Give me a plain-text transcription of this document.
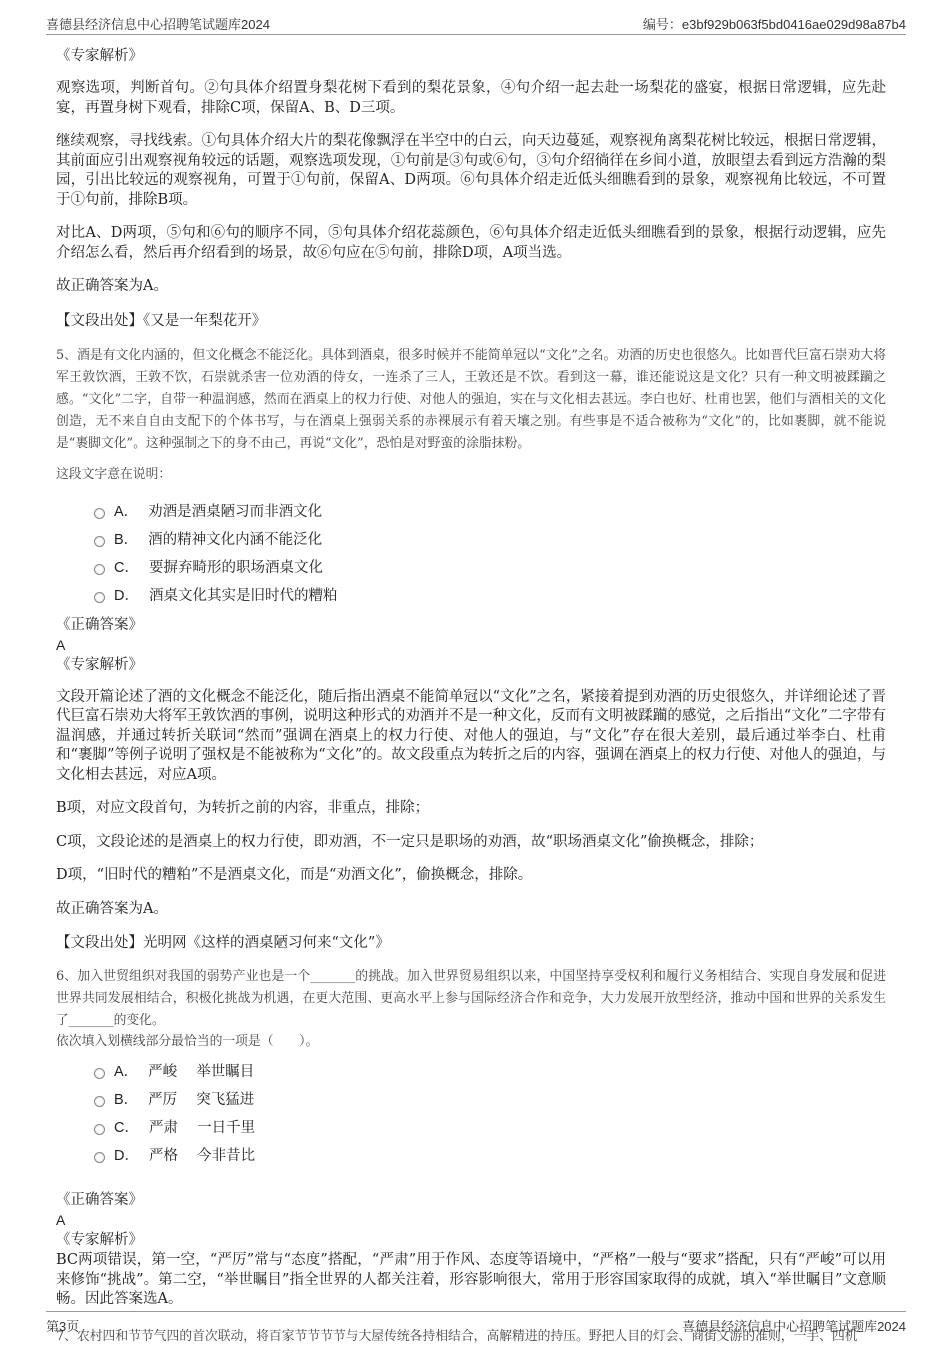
喜德县经济信息中心招聘笔试题库2024	编号：e3bf929b063f5bd0416ae029d98a87b4

《专家解析》

观察选项，判断首句。②句具体介绍置身梨花树下看到的梨花景象，④句介绍一起去赴一场梨花的盛宴，根据日常逻辑，应先赴宴，再置身树下观看，排除C项，保留A、B、D三项。

继续观察，寻找线索。①句具体介绍大片的梨花像飘浮在半空中的白云，向天边蔓延，观察视角离梨花树比较远，根据日常逻辑，其前面应引出观察视角较远的话题，观察选项发现，①句前是③句或⑥句，③句介绍徜徉在乡间小道，放眼望去看到远方浩瀚的梨园，引出比较远的观察视角，可置于①句前，保留A、D两项。⑥句具体介绍走近低头细瞧看到的景象，观察视角比较远，不可置于①句前，排除B项。

对比A、D两项，⑤句和⑥句的顺序不同，⑤句具体介绍花蕊颜色，⑥句具体介绍走近低头细瞧看到的景象，根据行动逻辑，应先介绍怎么看，然后再介绍看到的场景，故⑥句应在⑤句前，排除D项，A项当选。

故正确答案为A。

【文段出处】《又是一年梨花开》

5、酒是有文化内涵的，但文化概念不能泛化。具体到酒桌，很多时候并不能简单冠以“文化”之名。劝酒的历史也很悠久。比如晋代巨富石崇劝大将军王敦饮酒，王敦不饮，石崇就杀害一位劝酒的侍女，一连杀了三人，王敦还是不饮。看到这一幕，谁还能说这是文化？只有一种文明被蹂躏之感。“文化”二字，自带一种温润感，然而在酒桌上的权力行使、对他人的强迫，实在与文化相去甚远。李白也好、杜甫也罢，他们与酒相关的文化创造，无不来自自由支配下的个体书写，与在酒桌上强弱关系的赤裸展示有着天壤之别。有些事是不适合被称为“文化”的，比如裹脚，就不能说是“裹脚文化”。这种强制之下的身不由己，再说“文化”，恐怕是对野蛮的涂脂抹粉。

这段文字意在说明：

A． 劝酒是酒桌陋习而非酒文化
B． 酒的精神文化内涵不能泛化
C． 要摒弃畸形的职场酒桌文化
D． 酒桌文化其实是旧时代的糟粕

《正确答案》

A

《专家解析》

文段开篇论述了酒的文化概念不能泛化，随后指出酒桌不能简单冠以“文化”之名，紧接着提到劝酒的历史很悠久，并详细论述了晋代巨富石崇劝大将军王敦饮酒的事例，说明这种形式的劝酒并不是一种文化，反而有文明被蹂躏的感觉，之后指出“文化”二字带有温润感，并通过转折关联词“然而”强调在酒桌上的权力行使、对他人的强迫，与“文化”存在很大差别，最后通过举李白、杜甫和“裹脚”等例子说明了强权是不能被称为“文化”的。故文段重点为转折之后的内容，强调在酒桌上的权力行使、对他人的强迫，与文化相去甚远，对应A项。

B项，对应文段首句，为转折之前的内容，非重点，排除；

C项，文段论述的是酒桌上的权力行使，即劝酒，不一定只是职场的劝酒，故“职场酒桌文化”偷换概念，排除；

D项，“旧时代的糟粕”不是酒桌文化，而是“劝酒文化”，偷换概念，排除。

故正确答案为A。

【文段出处】光明网《这样的酒桌陋习何来“文化”》

6、加入世贸组织对我国的弱势产业也是一个_______的挑战。加入世界贸易组织以来，中国坚持享受权利和履行义务相结合、实现自身发展和促进世界共同发展相结合，积极化挑战为机遇，在更大范围、更高水平上参与国际经济合作和竞争，大力发展开放型经济，推动中国和世界的关系发生了_______的变化。

依次填入划横线部分最恰当的一项是（　　）。

A． 严峻　 举世瞩目
B． 严厉　 突飞猛进
C． 严肃　 一日千里
D． 严格　 今非昔比

《正确答案》

A

《专家解析》

BC两项错误，第一空，“严厉”常与“态度”搭配，“严肃”用于作风、态度等语境中，“严格”一般与“要求”搭配，只有“严峻”可以用来修饰“挑战”。第二空，“举世瞩目”指全世界的人都关注着，形容影响很大，常用于形容国家取得的成就，填入“举世瞩目”文意顺畅。因此答案选A。

7、农村四和节节气四的首次联动，将百家节节节节与大屋传统各持相结合，高解精进的持压。野把人目的灯会、商街文游的准则，一手、四机

第3页	喜德县经济信息中心招聘笔试题库2024
